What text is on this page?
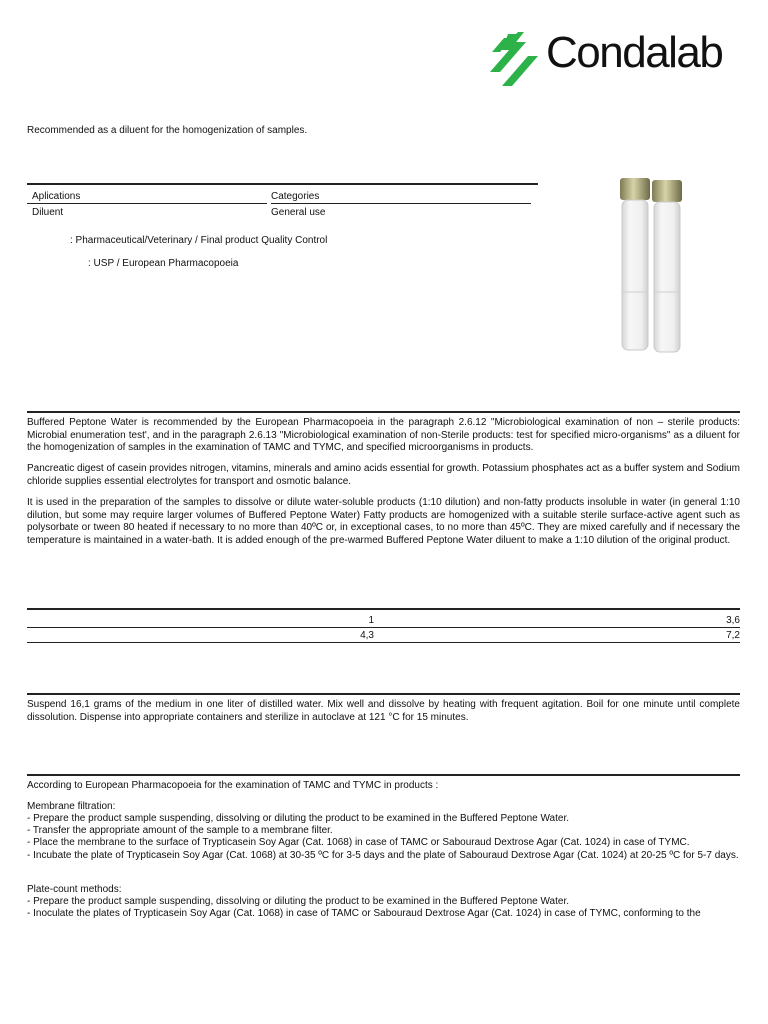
Condalab
Recommended as a diluent for the homogenization of samples.
Aplications	Categories
Diluent	General use
: Pharmaceutical/Veterinary / Final product Quality Control
: USP / European Pharmacopoeia
Buffered Peptone Water is recommended by the European Pharmacopoeia in the paragraph 2.6.12 "Microbiological examination of non – sterile products: Microbial enumeration test', and in the paragraph 2.6.13 "Microbiological examination of non-Sterile products: test for specified micro-organisms" as a diluent for the homogenization of samples in the examination of TAMC and TYMC, and specified microorganisms in products.
Pancreatic digest of casein provides nitrogen, vitamins, minerals and amino acids essential for growth. Potassium phosphates act as a buffer system and Sodium chloride supplies essential electrolytes for transport and osmotic balance.
It is used in the preparation of the samples to dissolve or dilute water-soluble products (1:10 dilution) and non-fatty products insoluble in water (in general 1:10 dilution, but some may require larger volumes of Buffered Peptone Water) Fatty products are homogenized with a suitable sterile surface-active agent such as polysorbate or tween 80 heated if necessary to no more than 40ºC or, in exceptional cases, to no more than 45ºC. They are mixed carefully and if necessary the temperature is maintained in a water-bath. It is added enough of the pre-warmed Buffered Peptone Water diluent to make a 1:10 dilution of the original product.
1	3,6
4,3	7,2
Suspend 16,1 grams of the medium in one liter of distilled water. Mix well and dissolve by heating with frequent agitation. Boil for one minute until complete dissolution. Dispense into appropriate containers and sterilize in autoclave at 121 °C for 15 minutes.
According to European Pharmacopoeia for the examination of TAMC and TYMC in products :
Membrane filtration:
- Prepare the product sample suspending, dissolving or diluting the product to be examined in the Buffered Peptone Water.
- Transfer the appropriate amount of the sample to a membrane filter.
- Place the membrane to the surface of Trypticasein Soy Agar (Cat. 1068) in case of TAMC or Sabouraud Dextrose Agar (Cat. 1024) in case of TYMC.
- Incubate the plate of Trypticasein Soy Agar (Cat. 1068) at 30-35 ºC for 3-5 days and the plate of Sabouraud Dextrose Agar (Cat. 1024) at 20-25 ºC for 5-7 days.
Plate-count methods:
- Prepare the product sample suspending, dissolving or diluting the product to be examined in the Buffered Peptone Water.
- Inoculate the plates of Trypticasein Soy Agar (Cat. 1068) in case of TAMC or Sabouraud Dextrose Agar (Cat. 1024) in case of TYMC, conforming to the
